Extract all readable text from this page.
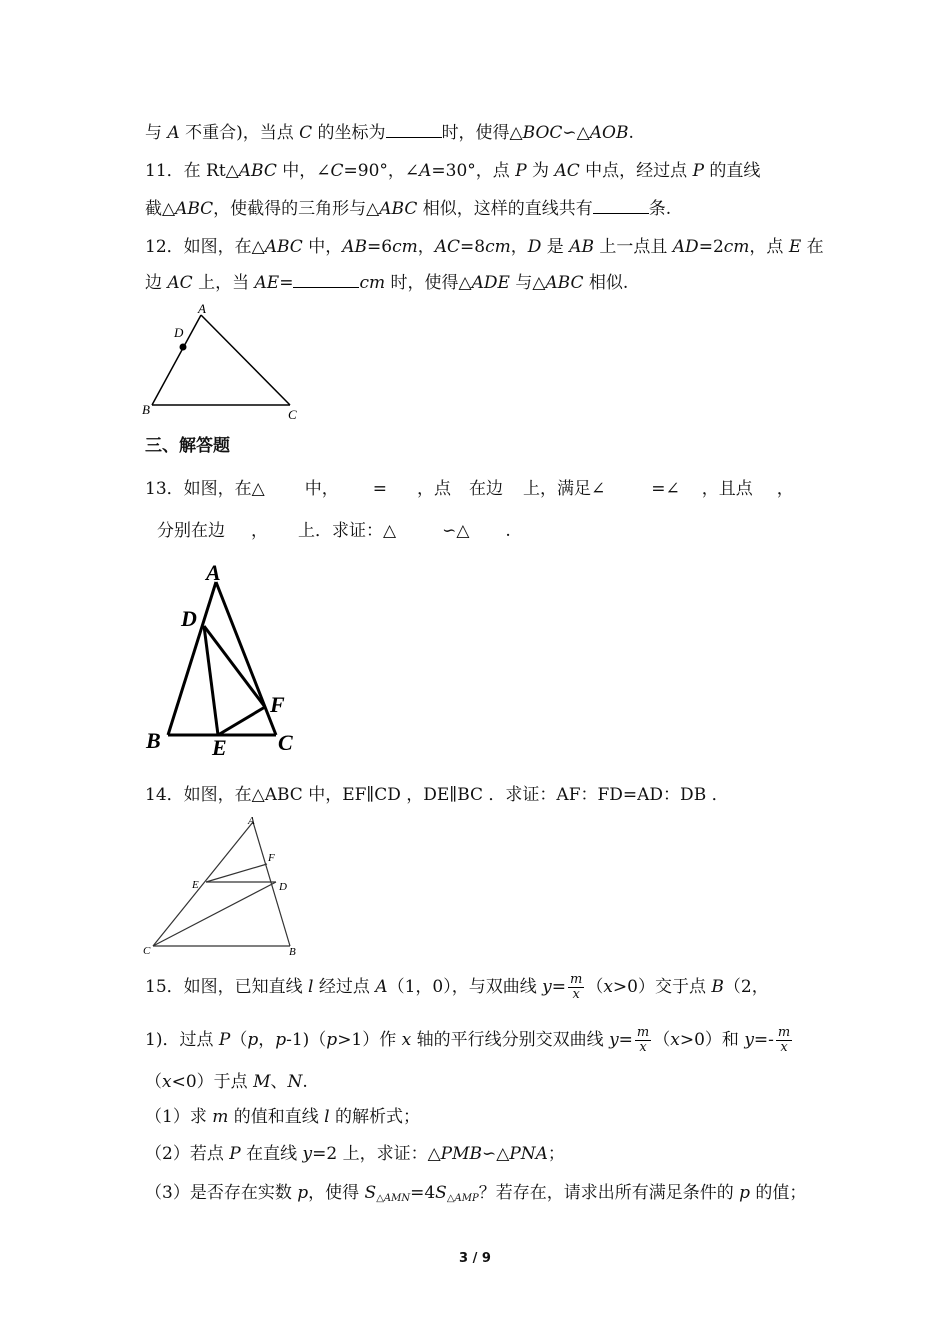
与 A 不重合)，当点 C 的坐标为	时，使得△BOC∽△AOB.
11．在 Rt△ABC 中，∠C=90°，∠A=30°，点 P 为 AC 中点，经过点 P 的直线
截△ABC，使截得的三角形与△ABC 相似，这样的直线共有	条.
12．如图，在△ABC 中，AB=6cm，AC=8cm，D 是 AB 上一点且 AD=2cm，点 E 在
边 AC 上，当 AE=	cm 时，使得△ADE 与△ABC 相似.
A
D
B	C
三、解答题
13．如图，在△ 中， = ，点 在边 上，满足∠	=∠ ，且点 ，
分别在边 ， 上．求证：△	∽△ .
A
D
F
B E C
14．如图，在△ABC 中，EF∥CD ，DE∥BC ．求证：AF：FD=AD：DB ．
A
F
E	D
C	B
15．如图，已知直线 l 经过点 A（1，0），与双曲线 $y= \frac{m}{x} (x>0)$交于点 B（2，
1)．过点 P（p，p-1)（p>1）作 x 轴的平行线分别交双曲线 $y= \frac{m}{x} (x>0)$和 $y=- \frac{m}{x}$
（x<0）于点 M、N.
（1）求 m 的值和直线 l 的解析式；
（2）若点 P 在直线 y=2 上，求证：△PMB∽△PNA；
（3）是否存在实数 p，使得 $S_{\triangle AMN}=4S_{\triangle AMP}$？若存在，请求出所有满足条件的 p 的值；
3 / 9
